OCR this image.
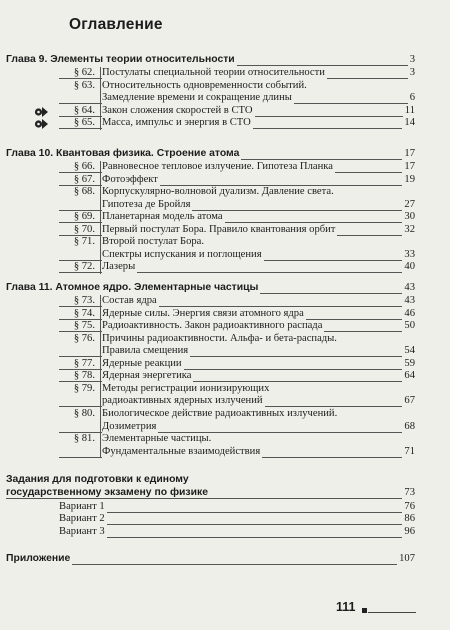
Оглавление
Глава 9. Элементы теории относительности	3
§ 62. Постулаты специальной теории относительности	3
§ 63. Относительность одновременности событий.
Замедление времени и сокращение длины	6
§ 64. Закон сложения скоростей в СТО	11
§ 65. Масса, импульс и энергия в СТО	14
Глава 10. Квантовая физика. Строение атома	17
§ 66. Равновесное тепловое излучение. Гипотеза Планка	17
§ 67. Фотоэффект	19
§ 68. Корпускулярно-волновой дуализм. Давление света.
Гипотеза де Бройля	27
§ 69. Планетарная модель атома	30
§ 70. Первый постулат Бора. Правило квантования орбит	32
§ 71. Второй постулат Бора.
Спектры испускания и поглощения	33
§ 72. Лазеры	40
Глава 11. Атомное ядро. Элементарные частицы	43
§ 73. Состав ядра	43
§ 74. Ядерные силы. Энергия связи атомного ядра	46
§ 75. Радиоактивность. Закон радиоактивного распада	50
§ 76. Причины радиоактивности. Альфа- и бета-распады.
Правила смещения	54
§ 77. Ядерные реакции	59
§ 78. Ядерная энергетика	64
§ 79. Методы регистрации ионизирующих
радиоактивных ядерных излучений	67
§ 80. Биологическое действие радиоактивных излучений.
Дозиметрия	68
§ 81. Элементарные частицы.
Фундаментальные взаимодействия	71
Задания для подготовки к единому
государственному экзамену по физике	73
Вариант 1	76
Вариант 2	86
Вариант 3	96
Приложение	107
111
